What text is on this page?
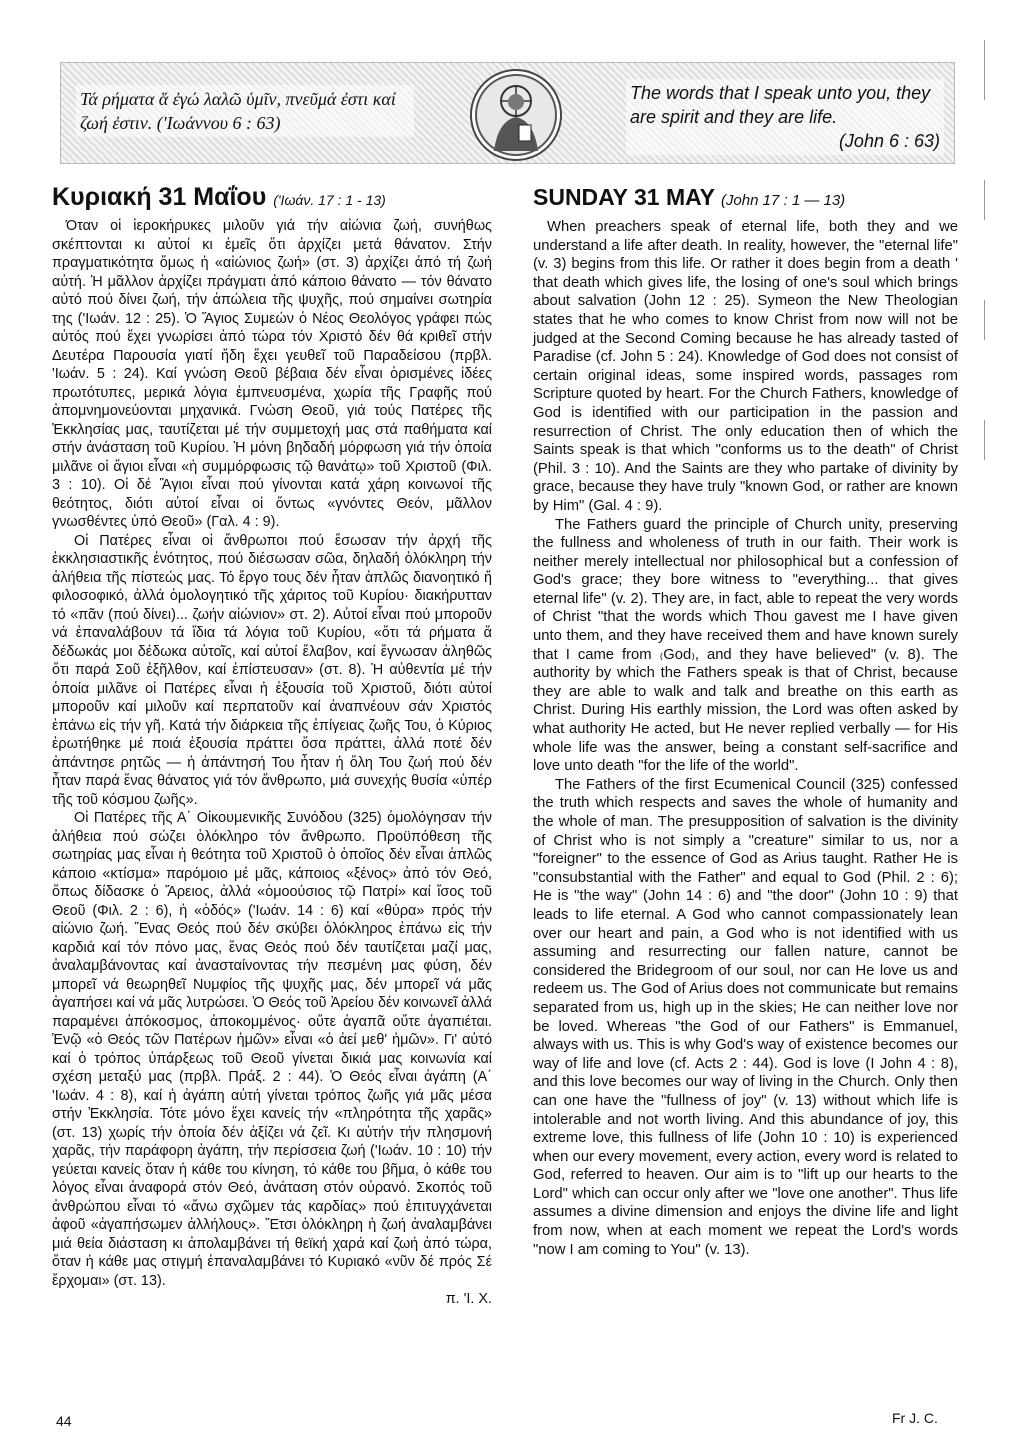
Τά ρήματα ἅ ἐγώ λαλῶ ὑμῖν, πνεῦμά ἐστι καί ζωή ἐστιν. ('Ιωάννου 6 : 63)
The words that I speak unto you, they are spirit and they are life.
(John 6 : 63)
Κυριακή 31 Μαΐου ('Ιωάν. 17 : 1 - 13)

Όταν οἱ ἱεροκήρυκες μιλοῦν γιά τήν αἰώνια ζωή, συνήθως σκέπτονται κι αὐτοί κι ἐμεῖς ὅτι ἀρχίζει μετά θάνατον. Στήν πραγματικότητα ὅμως ἡ «αἰώνιος ζωή» (στ. 3) ἀρχίζει ἀπό τή ζωή αὐτή. Ἡ μᾶλλον ἀρχίζει πράγματι ἀπό κάποιο θάνατο — τόν θάνατο αὐτό πού δίνει ζωή, τήν ἀπώλεια τῆς ψυχῆς, πού σημαίνει σωτηρία της ('Ιωάν. 12 : 25). Ὁ Ἅγιος Συμεών ὁ Νέος Θεολόγος γράφει πώς αὐτός πού ἔχει γνωρίσει ἀπό τώρα τόν Χριστό δέν θά κριθεῖ στήν Δευτέρα Παρουσία γιατί ἤδη ἔχει γευθεῖ τοῦ Παραδείσου (πρβλ. 'Ιωάν. 5 : 24). Καί γνώση Θεοῦ βέβαια δέν εἶναι ὁρισμένες ἰδέες πρωτότυπες, μερικά λόγια ἐμπνευσμένα, χωρία τῆς Γραφῆς πού ἀπομνημονεύονται μηχανικά. Γνώση Θεοῦ, γιά τούς Πατέρες τῆς Ἐκκλησίας μας, ταυτίζεται μέ τήν συμμετοχή μας στά παθήματα καί στήν ἀνάσταση τοῦ Κυρίου. Ἡ μόνη βηδαδή μόρφωση γιά τήν ὁποία μιλᾶνε οἱ ἅγιοι εἶναι «ἡ συμμόρφωσις τῷ θανάτῳ» τοῦ Χριστοῦ (Φιλ. 3 : 10). Οἱ δέ Ἅγιοι εἶναι πού γίνονται κατά χάρη κοινωνοί τῆς θεότητος, διότι αὐτοί εἶναι οἱ ὄντως «γνόντες Θεόν, μᾶλλον γνωσθέντες ὑπό Θεοῦ» (Γαλ. 4 : 9).

Οἱ Πατέρες εἶναι οἱ ἄνθρωποι πού ἔσωσαν τήν ἀρχή τῆς ἐκκλησιαστικῆς ἑνότητος, πού διέσωσαν σῶα, δηλαδή ὁλόκληρη τήν ἀλήθεια τῆς πίστεώς μας. Τό ἔργο τους δέν ἦταν ἁπλῶς διανοητικό ἤ φιλοσοφικό, ἀλλά ὁμολογητικό τῆς χάριτος τοῦ Κυρίου· διακήρυτταν τό «πᾶν (πού δίνει)... ζωήν αἰώνιον» στ. 2). Αὐτοί εἶναι πού μποροῦν νά ἐπαναλάβουν τά ἴδια τά λόγια τοῦ Κυρίου, «ὅτι τά ρήματα ἅ δέδωκάς μοι δέδωκα αὐτοῖς, καί αὐτοί ἔλαβον, καί ἔγνωσαν ἀληθῶς ὅτι παρά Σοῦ ἐξῆλθον, καί ἐπίστευσαν» (στ. 8). Ἡ αὐθεντία μέ τήν ὁποία μιλᾶνε οἱ Πατέρες εἶναι ἡ ἐξουσία τοῦ Χριστοῦ, διότι αὐτοί μποροῦν καί μιλοῦν καί περπατοῦν καί ἀναπνέουν σάν Χριστός ἐπάνω εἰς τήν γῆ. Κατά τήν διάρκεια τῆς ἐπίγειας ζωῆς Του, ὁ Κύριος ἐρωτήθηκε μέ ποιά ἐξουσία πράττει ὅσα πράττει, ἀλλά ποτέ δέν ἀπάντησε ρητῶς — ἡ ἀπάντησή Του ἦταν ἡ ὅλη Του ζωή πού δέν ἦταν παρά ἕνας θάνατος γιά τόν ἄνθρωπο, μιά συνεχής θυσία «ὑπέρ τῆς τοῦ κόσμου ζωῆς».

Οἱ Πατέρες τῆς Α΄ Οἰκουμενικῆς Συνόδου (325) ὁμολόγησαν τήν ἀλήθεια πού σώζει ὁλόκληρο τόν ἄνθρωπο. Προϋπόθεση τῆς σωτηρίας μας εἶναι ἡ θεότητα τοῦ Χριστοῦ ὁ ὁποῖος δέν εἶναι ἁπλῶς κάποιο «κτίσμα» παρόμοιο μέ μᾶς, κάποιος «ξένος» ἀπό τόν Θεό, ὅπως δίδασκε ὁ Ἄρειος, ἀλλά «ὁμοούσιος τῷ Πατρί» καί ἴσος τοῦ Θεοῦ (Φιλ. 2 : 6), ἡ «ὁδός» ('Ιωάν. 14 : 6) καί «θύρα» πρός τήν αἰώνιο ζωή. Ἕνας Θεός πού δέν σκύβει ὁλόκληρος ἐπάνω εἰς τήν καρδιά καί τόν πόνο μας, ἕνας Θεός πού δέν ταυτίζεται μαζί μας, ἀναλαμβάνοντας καί ἀνασταίνοντας τήν πεσμένη μας φύση, δέν μπορεῖ νά θεωρηθεῖ Νυμφίος τῆς ψυχῆς μας, δέν μπορεῖ νά μᾶς ἀγαπήσει καί νά μᾶς λυτρώσει. Ὁ Θεός τοῦ Ἀρείου δέν κοινωνεῖ ἀλλά παραμένει ἀπόκοσμος, ἀποκομμένος· οὔτε ἀγαπᾶ οὔτε ἀγαπιέται. Ἐνῷ «ὁ Θεός τῶν Πατέρων ἡμῶν» εἶναι «ὁ ἀεί μεθ' ἡμῶν». Γι' αὐτό καί ὁ τρόπος ὑπάρξεως τοῦ Θεοῦ γίνεται δικιά μας κοινωνία καί σχέση μεταξύ μας (πρβλ. Πράξ. 2 : 44). Ὁ Θεός εἶναι ἀγάπη (Α΄ 'Ιωάν. 4 : 8), καί ἡ ἀγάπη αὐτή γίνεται τρόπος ζωῆς γιά μᾶς μέσα στήν Ἐκκλησία. Τότε μόνο ἔχει κανείς τήν «πληρότητα τῆς χαρᾶς» (στ. 13) χωρίς τήν ὁποία δέν ἀξίζει νά ζεῖ. Κι αὐτήν τήν πλησμονή χαρᾶς, τήν παράφορη ἀγάπη, τήν περίσσεια ζωή ('Ιωάν. 10 : 10) τήν γεύεται κανείς ὅταν ἡ κάθε του κίνηση, τό κάθε του βῆμα, ὁ κάθε του λόγος εἶναι ἀναφορά στόν Θεό, ἀνάταση στόν οὐρανό. Σκοπός τοῦ ἀνθρώπου εἶναι τό «ἄνω σχῶμεν τάς καρδίας» πού ἐπιτυγχάνεται ἀφοῦ «ἀγαπήσωμεν ἀλλήλους». Ἔτσι ὁλόκληρη ἡ ζωή ἀναλαμβάνει μιά θεία διάσταση κι ἀπολαμβάνει τή θεϊκή χαρά καί ζωή ἀπό τώρα, ὅταν ἡ κάθε μας στιγμή ἐπαναλαμβάνει τό Κυριακό «νῦν δέ πρός Σέ ἔρχομαι» (στ. 13).

π. 'Ι. Χ.
44
SUNDAY 31 MAY (John 17 : 1 — 13)

When preachers speak of eternal life, both they and we understand a life after death. In reality, however, the "eternal life" (v. 3) begins from this life. Or rather it does begin from a death ' that death which gives life, the losing of one's soul which brings about salvation (John 12 : 25). Symeon the New Theologian states that he who comes to know Christ from now will not be judged at the Second Coming because he has already tasted of Paradise (cf. John 5 : 24). Knowledge of God does not consist of certain original ideas, some inspired words, passages rom Scripture quoted by heart. For the Church Fathers, knowledge of God is identified with our participation in the passion and resurrection of Christ. The only education then of which the Saints speak is that which "conforms us to the death" of Christ (Phil. 3 : 10). And the Saints are they who partake of divinity by grace, because they have truly "known God, or rather are known by Him" (Gal. 4 : 9).

The Fathers guard the principle of Church unity, preserving the fullness and wholeness of truth in our faith. Their work is neither merely intellectual nor philosophical but a confession of God's grace; they bore witness to "everything... that gives eternal life" (v. 2). They are, in fact, able to repeat the very words of Christ "that the words which Thou gavest me I have given unto them, and they have received them and have known surely that I came from ₍God₎, and they have believed" (v. 8). The authority by which the Fathers speak is that of Christ, because they are able to walk and talk and breathe on this earth as Christ. During His earthly mission, the Lord was often asked by what authority He acted, but He never replied verbally — for His whole life was the answer, being a constant self-sacrifice and love unto death "for the life of the world".

The Fathers of the first Ecumenical Council (325) confessed the truth which respects and saves the whole of humanity and the whole of man. The presupposition of salvation is the divinity of Christ who is not simply a "creature" similar to us, nor a "foreigner" to the essence of God as Arius taught. Rather He is "consubstantial with the Father" and equal to God (Phil. 2 : 6); He is "the way" (John 14 : 6) and "the door" (John 10 : 9) that leads to life eternal. A God who cannot compassionately lean over our heart and pain, a God who is not identified with us assuming and resurrecting our fallen nature, cannot be considered the Bridegroom of our soul, nor can He love us and redeem us. The God of Arius does not communicate but remains separated from us, high up in the skies; He can neither love nor be loved. Whereas "the God of our Fathers" is Emmanuel, always with us. This is why God's way of existence becomes our way of life and love (cf. Acts 2 : 44). God is love (I John 4 : 8), and this love becomes our way of living in the Church. Only then can one have the "fullness of joy" (v. 13) without which life is intolerable and not worth living. And this abundance of joy, this extreme love, this fullness of life (John 10 : 10) is experienced when our every movement, every action, every word is related to God, referred to heaven. Our aim is to "lift up our hearts to the Lord" which can occur only after we "love one another". Thus life assumes a divine dimension and enjoys the divine life and light from now, when at each moment we repeat the Lord's words "now I am coming to You" (v. 13).

Fr J. C.
